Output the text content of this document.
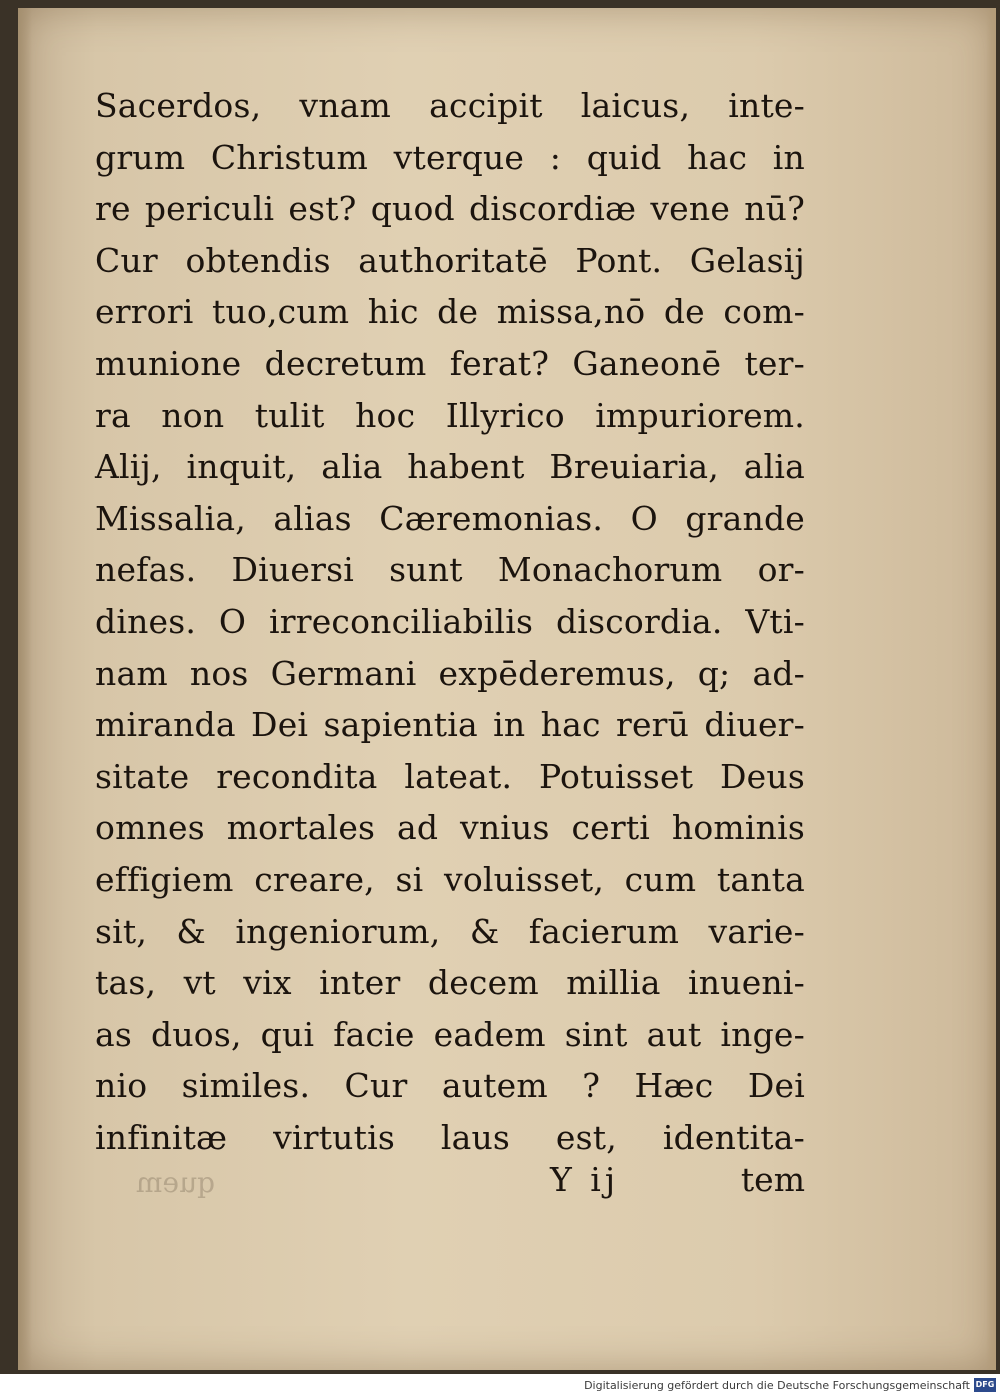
Sacerdos, vnam accipit laicus, inte-
grum Christum vterque : quid hac in
re periculi est? quod discordiæ vene nū?
Cur obtendis authoritatē Pont. Gelasij
errori tuo,cum hic de missa,nō de com-
munione decretum ferat? Ganeonē ter-
ra non tulit hoc Illyrico impuriorem.
Alij, inquit, alia habent Breuiaria, alia
Missalia, alias Cæremonias. O grande
nefas. Diuersi sunt Monachorum or-
dines. O irreconciliabilis discordia. Vti-
nam nos Germani expēderemus, q; ad-
miranda Dei sapientia in hac rerū diuer-
sitate recondita lateat. Potuisset Deus
omnes mortales ad vnius certi hominis
effigiem creare, si voluisset, cum tanta
sit, & ingeniorum, & facierum varie-
tas, vt vix inter decem millia inueni-
as duos, qui facie eadem sint aut inge-
nio similes. Cur autem ? Hæc Dei
infinitæ virtutis laus est, identita-
quem	Y ij	tem
Digitalisierung gefördert durch die Deutsche Forschungsgemeinschaft DFG
